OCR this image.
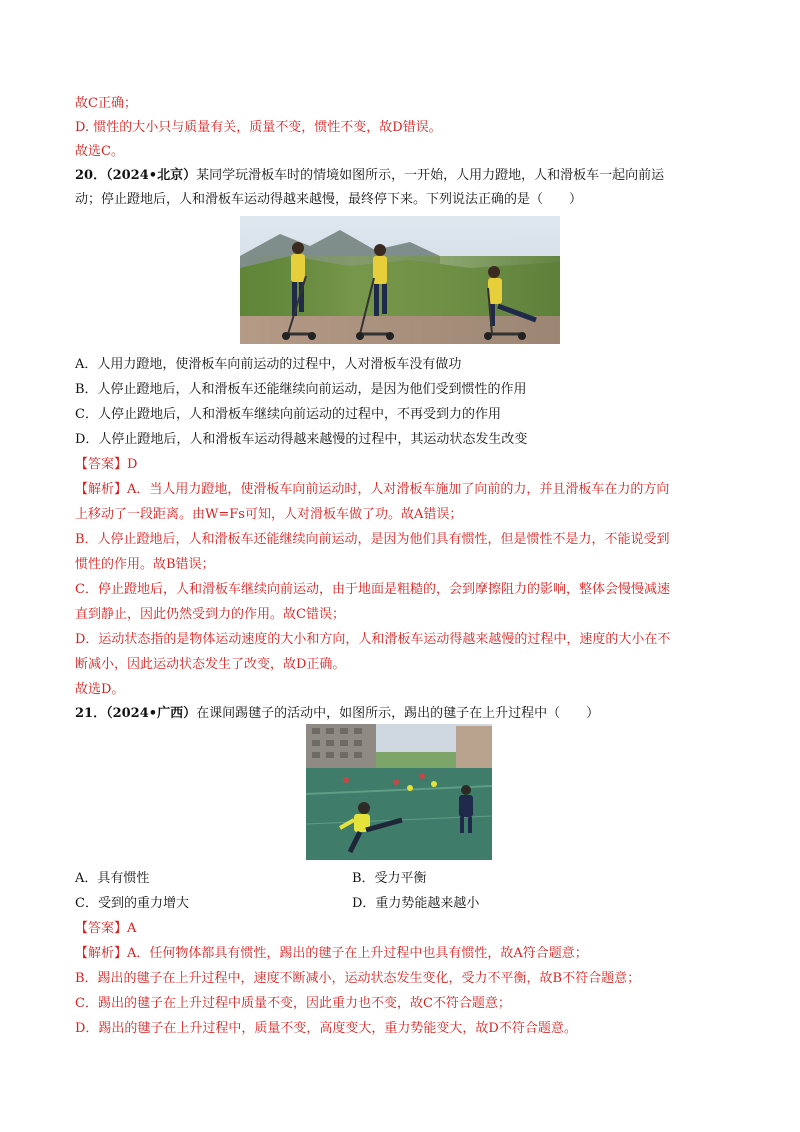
故C正确；
D. 惯性的大小只与质量有关，质量不变，惯性不变，故D错误。
故选C。
20．（2024•北京）某同学玩滑板车时的情境如图所示，一开始，人用力蹬地，人和滑板车一起向前运
动；停止蹬地后，人和滑板车运动得越来越慢，最终停下来。下列说法正确的是（　　）
A．人用力蹬地，使滑板车向前运动的过程中，人对滑板车没有做功
B．人停止蹬地后，人和滑板车还能继续向前运动，是因为他们受到惯性的作用
C．人停止蹬地后，人和滑板车继续向前运动的过程中，不再受到力的作用
D．人停止蹬地后，人和滑板车运动得越来越慢的过程中，其运动状态发生改变
【答案】D
【解析】A．当人用力蹬地，使滑板车向前运动时，人对滑板车施加了向前的力，并且滑板车在力的方向
上移动了一段距离。由W=Fs可知，人对滑板车做了功。故A错误；
B．人停止蹬地后，人和滑板车还能继续向前运动，是因为他们具有惯性，但是惯性不是力，不能说受到
惯性的作用。故B错误；
C．停止蹬地后，人和滑板车继续向前运动，由于地面是粗糙的，会到摩擦阻力的影响，整体会慢慢减速
直到静止，因此仍然受到力的作用。故C错误；
D．运动状态指的是物体运动速度的大小和方向，人和滑板车运动得越来越慢的过程中，速度的大小在不
断减小，因此运动状态发生了改变，故D正确。
故选D。
21．（2024•广西）在课间踢毽子的活动中，如图所示，踢出的毽子在上升过程中（　　）
A．具有惯性	B．受力平衡
C．受到的重力增大	D．重力势能越来越小
【答案】A
【解析】A．任何物体都具有惯性，踢出的毽子在上升过程中也具有惯性，故A符合题意；
B．踢出的毽子在上升过程中，速度不断减小，运动状态发生变化，受力不平衡，故B不符合题意；
C．踢出的毽子在上升过程中质量不变，因此重力也不变，故C不符合题意；
D．踢出的毽子在上升过程中，质量不变，高度变大，重力势能变大，故D不符合题意。
